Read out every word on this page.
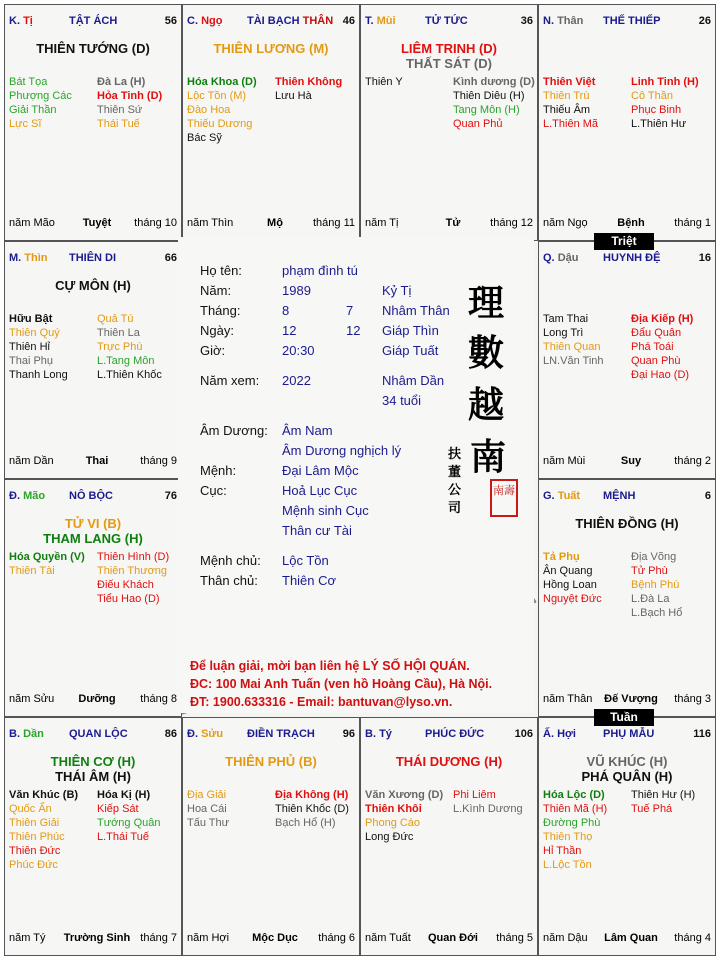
K. Tị	TẬT ÁCH	56
THIÊN TƯỚNG (D)
Bát Tọa
Phượng Các
Giải Thần
Lực Sĩ
Đà La (H)
Hỏa Tinh (D)
Thiên Sứ
Thái Tuế
năm Mão	Tuyệt	tháng 10
C. Ngọ TÀI BẠCH THÂN 46
THIÊN LƯƠNG (M)
Hóa Khoa (D)
Lộc Tồn (M)
Đào Hoa
Thiếu Dương
Bác Sỹ
Thiên Không
Lưu Hà
năm Thìn	Mộ	tháng 11
T. Mùi	TỬ TỨC	36
LIÊM TRINH (D)
THẤT SÁT (D)
Thiên Y	Kình dương (D)
Thiên Diêu (H)
Tang Môn (H)
Quan Phủ
năm Tị	Tử	tháng 12
N. Thân THẾ THIẾP	26
Thiên Việt
Thiên Trù
Thiếu Âm
L.Thiên Mã
Linh Tinh (H)
Cô Thần
Phục Binh
L.Thiên Hư
năm Ngọ	Bệnh	tháng 1
M. Thìn THIÊN DI	66
CỰ MÔN (H)
Hữu Bật
Thiên Quý
Thiên Hỉ
Thai Phụ
Thanh Long
Quả Tú
Thiên La
Trực Phù
L.Tang Môn
L.Thiên Khốc
năm Dần	Thai	tháng 9
Q. Dậu HUYNH ĐỆ	16
Tam Thai
Long Trì
Thiên Quan
LN.Văn Tinh
Địa Kiếp (H)
Đẩu Quân
Phá Toái
Quan Phù
Đại Hao (D)
năm Mùi	Suy	tháng 2
Đ. Mão NÔ BỘC	76
TỬ VI (B)
THAM LANG (H)
Hóa Quyền (V)
Thiên Tài
Thiên Hình (D)
Thiên Thương
Điếu Khách
Tiểu Hao (D)
năm Sửu	Dưỡng	tháng 8
G. Tuất MỆNH	6
THIÊN ĐỒNG (H)
Tả Phụ
Ân Quang
Hồng Loan
Nguyệt Đức
Địa Võng
Tử Phù
Bệnh Phù
L.Đà La
L.Bạch Hổ
năm Thân	Đế Vượng	tháng 3
B. Dần QUAN LỘC	86
THIÊN CƠ (H)
THÁI ÂM (H)
Văn Khúc (B)
Quốc Ấn
Thiên Giải
Thiên Phúc
Thiên Đức
Phúc Đức
Hóa Kị (H)
Kiếp Sát
Tướng Quân
L.Thái Tuế
năm Tý	Trường Sinh tháng 7
Đ. Sửu ĐIỀN TRẠCH	96
THIÊN PHỦ (B)
Địa Giải
Hoa Cái
Tấu Thư
Địa Không (H)
Thiên Khốc (D)
Bạch Hổ (H)
năm Hợi	Mộc Dục	tháng 6
B. Tý	PHÚC ĐỨC	106
THÁI DƯƠNG (H)
Văn Xương (D)
Thiên Khôi
Phong Cáo
Long Đức
Phi Liêm
L.Kình Dương
năm Tuất	Quan Đới	tháng 5
Ấ. Hợi PHỤ MẪU	116
VŨ KHÚC (H)
PHÁ QUÂN (H)
Hóa Lộc (D)
Thiên Mã (H)
Đường Phù
Thiên Thọ
Hỉ Thần
L.Lộc Tồn
Thiên Hư (H)
Tuế Phá
năm Dậu	Lâm Quan	tháng 4
Họ tên:	phạm đình tú
Năm:	1989	Kỷ Tị
Tháng:	8	7 Nhâm Thân
Ngày:	12	12 Giáp Thìn
Giờ:	20:30	Giáp Tuất
Năm xem: 2022	Nhâm Dần
34 tuổi
Âm Dương: Âm Nam
Âm Dương nghịch lý
Mệnh:	Đại Lâm Mộc
Cục:	Hoả Lục Cục
Mệnh sinh Cục
Thân cư Tài
Mệnh chủ: Lộc Tồn
Thân chủ: Thiên Cơ
理
數
越
南
扶
董
公
司
南壽
Để luận giải, mời bạn liên hệ LÝ SỐ HỘI QUÁN.
ĐC: 100 Mai Anh Tuấn (ven hồ Hoàng Cầu), Hà Nội.
ĐT: 1900.633316 - Email: bantuvan@lyso.vn.
Triệt
Tuần
